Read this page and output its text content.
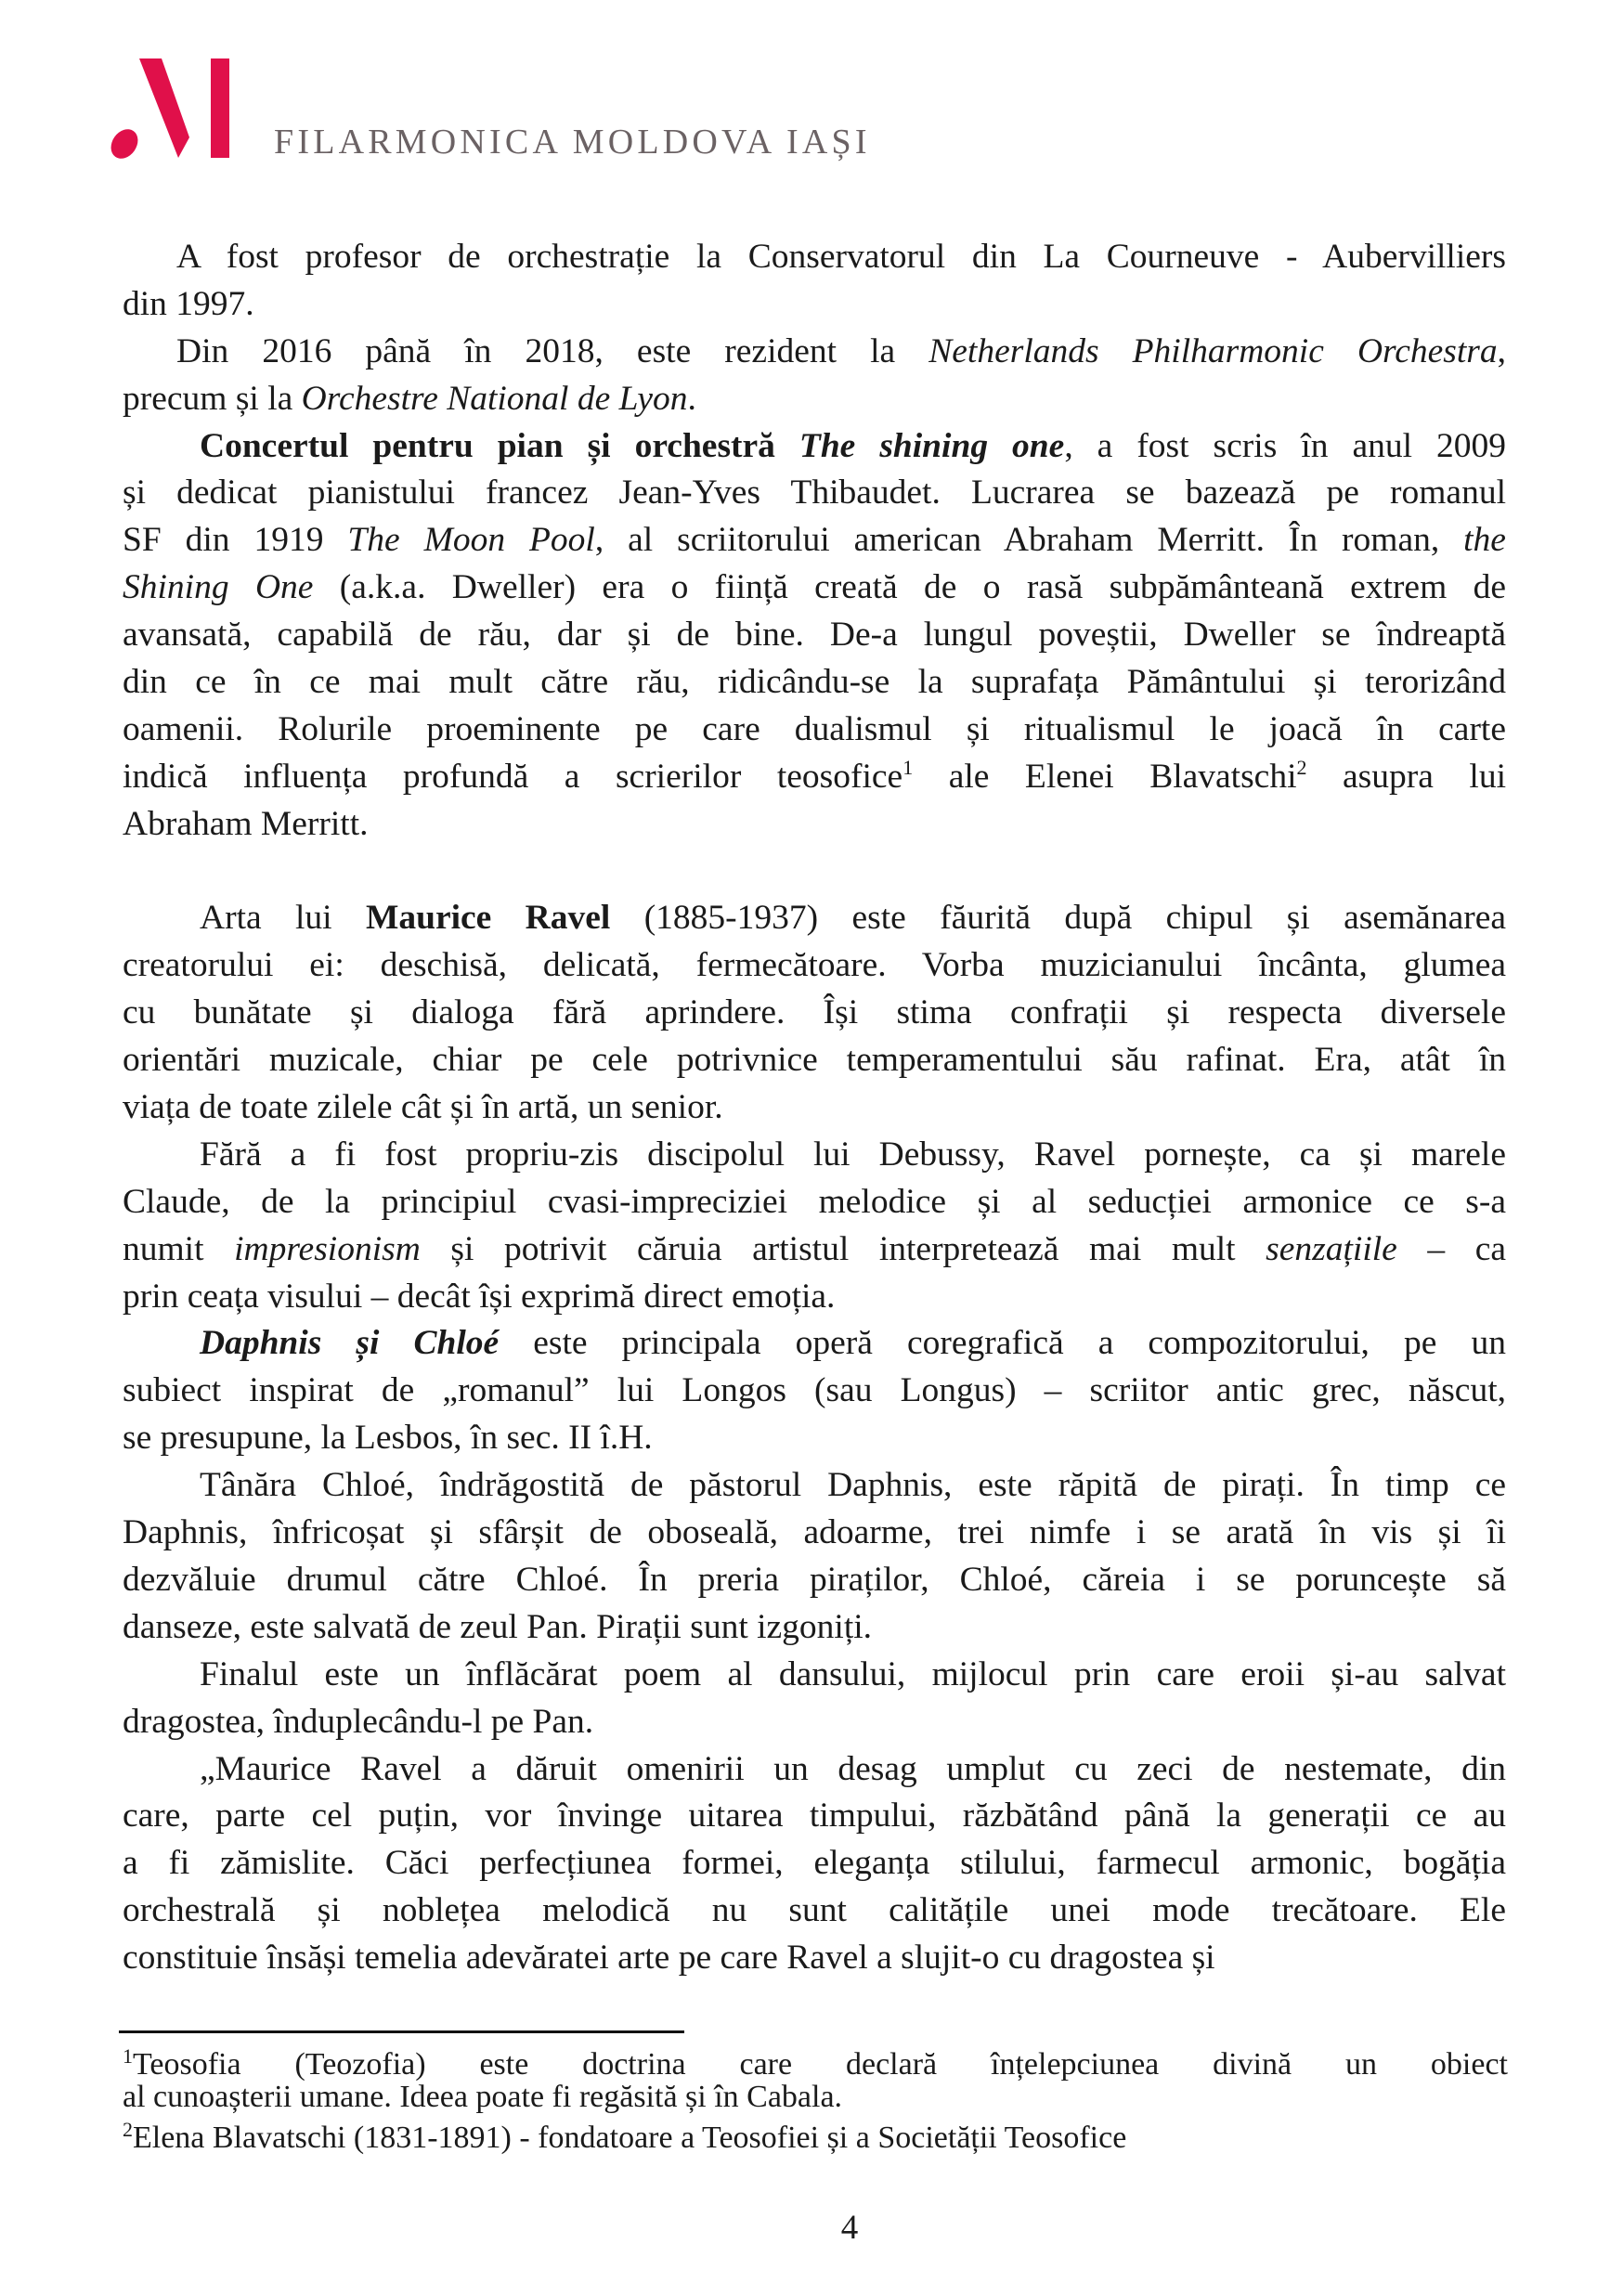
FILARMONICA MOLDOVA IAȘI
A fost profesor de orchestrație la Conservatorul din La Courneuve - Aubervilliers
din 1997.
Din 2016 până în 2018, este rezident la Netherlands Philharmonic Orchestra,
precum și la Orchestre National de Lyon.
Concertul pentru pian și orchestră The shining one, a fost scris în anul 2009
și dedicat pianistului francez Jean-Yves Thibaudet. Lucrarea se bazează pe romanul
SF din 1919 The Moon Pool, al scriitorului american Abraham Merritt. În roman, the
Shining One (a.k.a. Dweller) era o ființă creată de o rasă subpământeană extrem de
avansată, capabilă de rău, dar și de bine. De-a lungul poveștii, Dweller se îndreaptă
din ce în ce mai mult către rău, ridicându-se la suprafața Pământului și terorizând
oamenii. Rolurile proeminente pe care dualismul și ritualismul le joacă în carte
indică influența profundă a scrierilor teosofice$^1$ ale Elenei Blavatschi$^2$ asupra lui
Abraham Merritt.
Arta lui Maurice Ravel (1885-1937) este făurită după chipul și asemănarea
creatorului ei: deschisă, delicată, fermecătoare. Vorba muzicianului încânta, glumea
cu bunătate și dialoga fără aprindere. Își stima confrații și respecta diversele
orientări muzicale, chiar pe cele potrivnice temperamentului său rafinat. Era, atât în
viața de toate zilele cât și în artă, un senior.
Fără a fi fost propriu-zis discipolul lui Debussy, Ravel pornește, ca și marele
Claude, de la principiul cvasi-impreciziei melodice și al seducției armonice ce s-a
numit impresionism și potrivit căruia artistul interpretează mai mult senzațiile – ca
prin ceața visului – decât își exprimă direct emoția.
Daphnis și Chloé este principala operă coregrafică a compozitorului, pe un
subiect inspirat de „romanul” lui Longos (sau Longus) – scriitor antic grec, născut,
se presupune, la Lesbos, în sec. II î.H.
Tânăra Chloé, îndrăgostită de păstorul Daphnis, este răpită de pirați. În timp ce
Daphnis, înfricoșat și sfârșit de oboseală, adoarme, trei nimfe i se arată în vis și îi
dezvăluie drumul către Chloé. În preria piraților, Chloé, căreia i se poruncește să
danseze, este salvată de zeul Pan. Pirații sunt izgoniți.
Finalul este un înflăcărat poem al dansului, mijlocul prin care eroii și-au salvat
dragostea, înduplecându-l pe Pan.
„Maurice Ravel a dăruit omenirii un desag umplut cu zeci de nestemate, din
care, parte cel puțin, vor învinge uitarea timpului, răzbătând până la generații ce au
a fi zămislite. Căci perfecțiunea formei, eleganța stilului, farmecul armonic, bogăția
orchestrală și noblețea melodică nu sunt calitățile unei mode trecătoare. Ele
constituie însăși temelia adevăratei arte pe care Ravel a slujit-o cu dragostea și
$^1$Teosofia (Teozofia) este doctrina care declară înțelepciunea divină un obiect
al cunoașterii umane. Ideea poate fi regăsită și în Cabala.
$^2$Elena Blavatschi (1831-1891) - fondatoare a Teosofiei și a Societății Teosofice
4
